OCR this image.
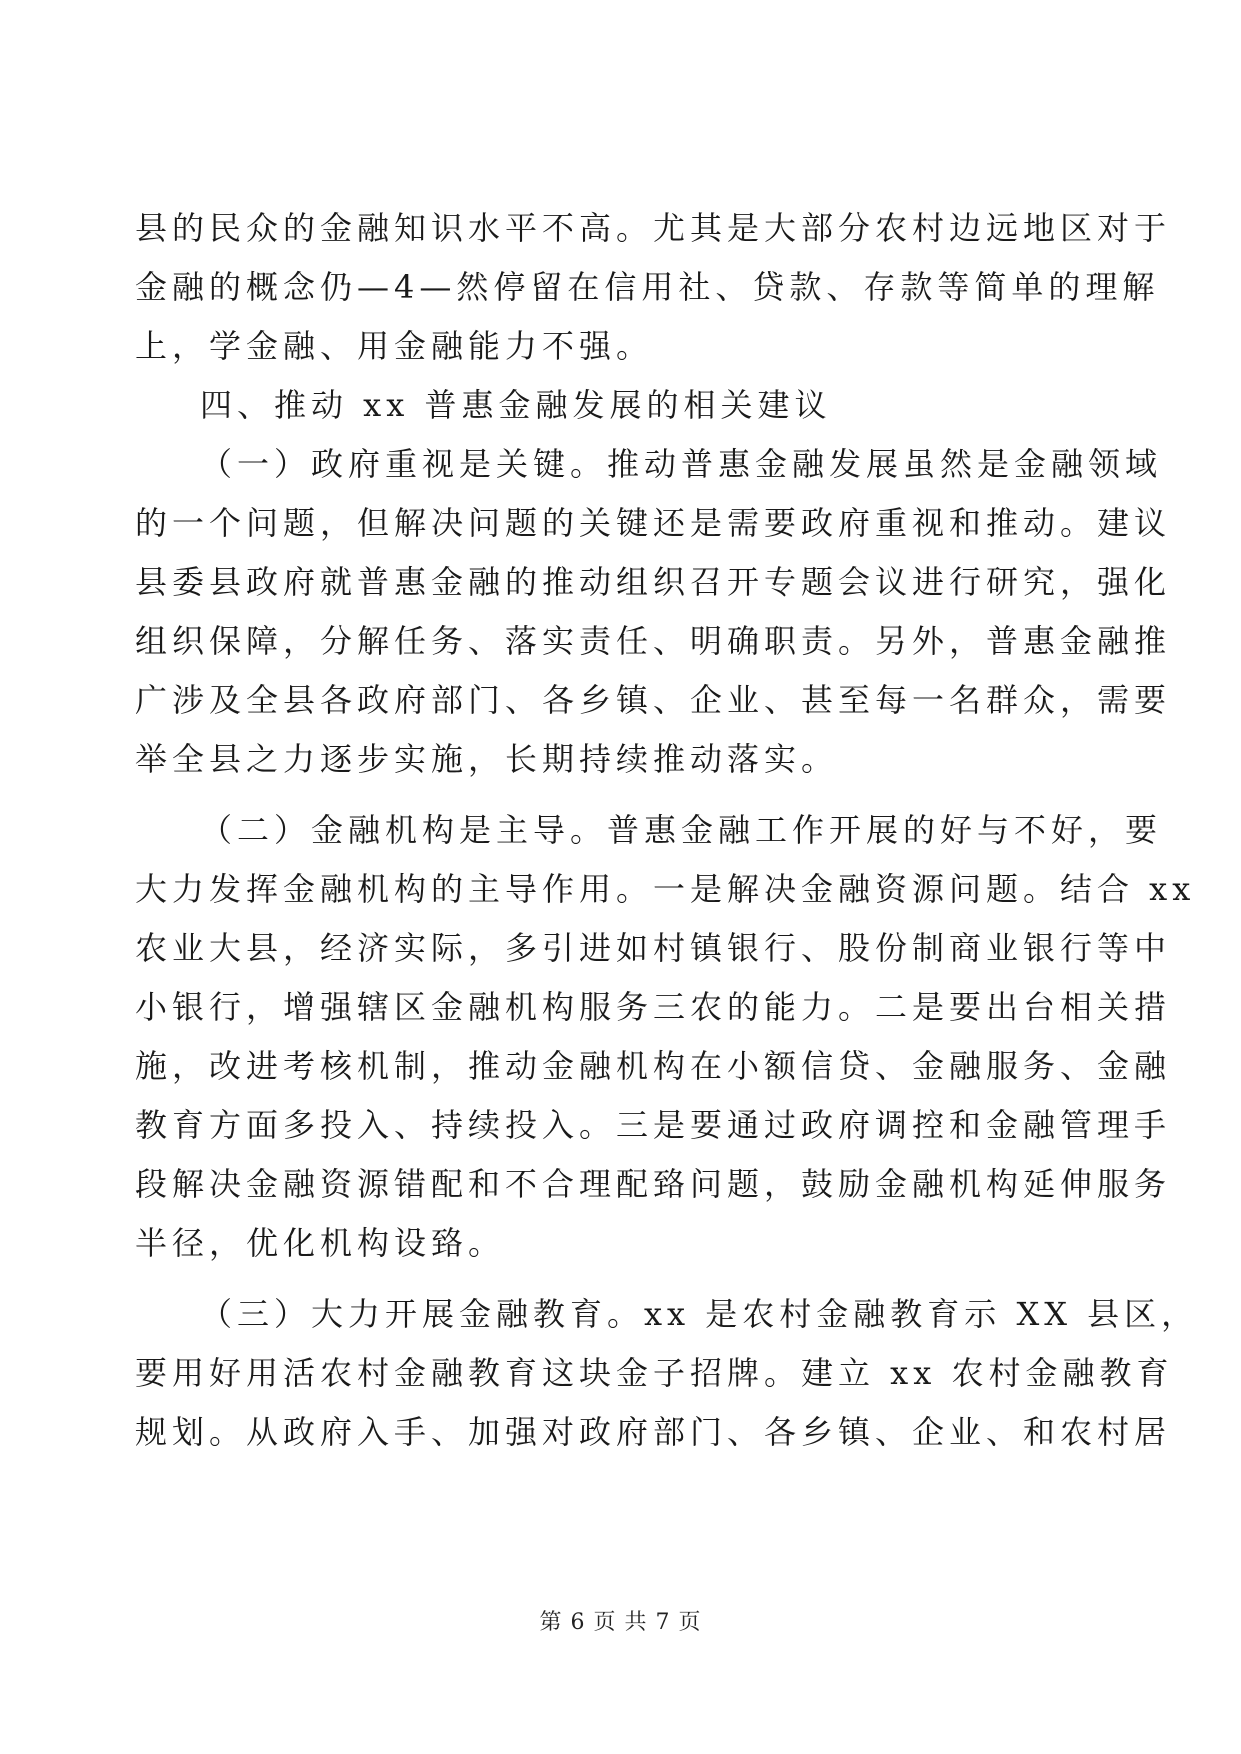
县的民众的金融知识水平不高。尤其是大部分农村边远地区对于
金融的概念仍—4—然停留在信用社、贷款、存款等简单的理解
上，学金融、用金融能力不强。
四、推动 xx 普惠金融发展的相关建议
（一）政府重视是关键。推动普惠金融发展虽然是金融领域
的一个问题，但解决问题的关键还是需要政府重视和推动。建议
县委县政府就普惠金融的推动组织召开专题会议进行研究，强化
组织保障，分解任务、落实责任、明确职责。另外，普惠金融推
广涉及全县各政府部门、各乡镇、企业、甚至每一名群众，需要
举全县之力逐步实施，长期持续推动落实。
（二）金融机构是主导。普惠金融工作开展的好与不好，要
大力发挥金融机构的主导作用。一是解决金融资源问题。结合 xx
农业大县，经济实际，多引进如村镇银行、股份制商业银行等中
小银行，增强辖区金融机构服务三农的能力。二是要出台相关措
施，改进考核机制，推动金融机构在小额信贷、金融服务、金融
教育方面多投入、持续投入。三是要通过政府调控和金融管理手
段解决金融资源错配和不合理配臵问题，鼓励金融机构延伸服务
半径，优化机构设臵。
（三）大力开展金融教育。xx 是农村金融教育示 XX 县区，
要用好用活农村金融教育这块金子招牌。建立 xx 农村金融教育
规划。从政府入手、加强对政府部门、各乡镇、企业、和农村居
第 6 页 共 7 页
